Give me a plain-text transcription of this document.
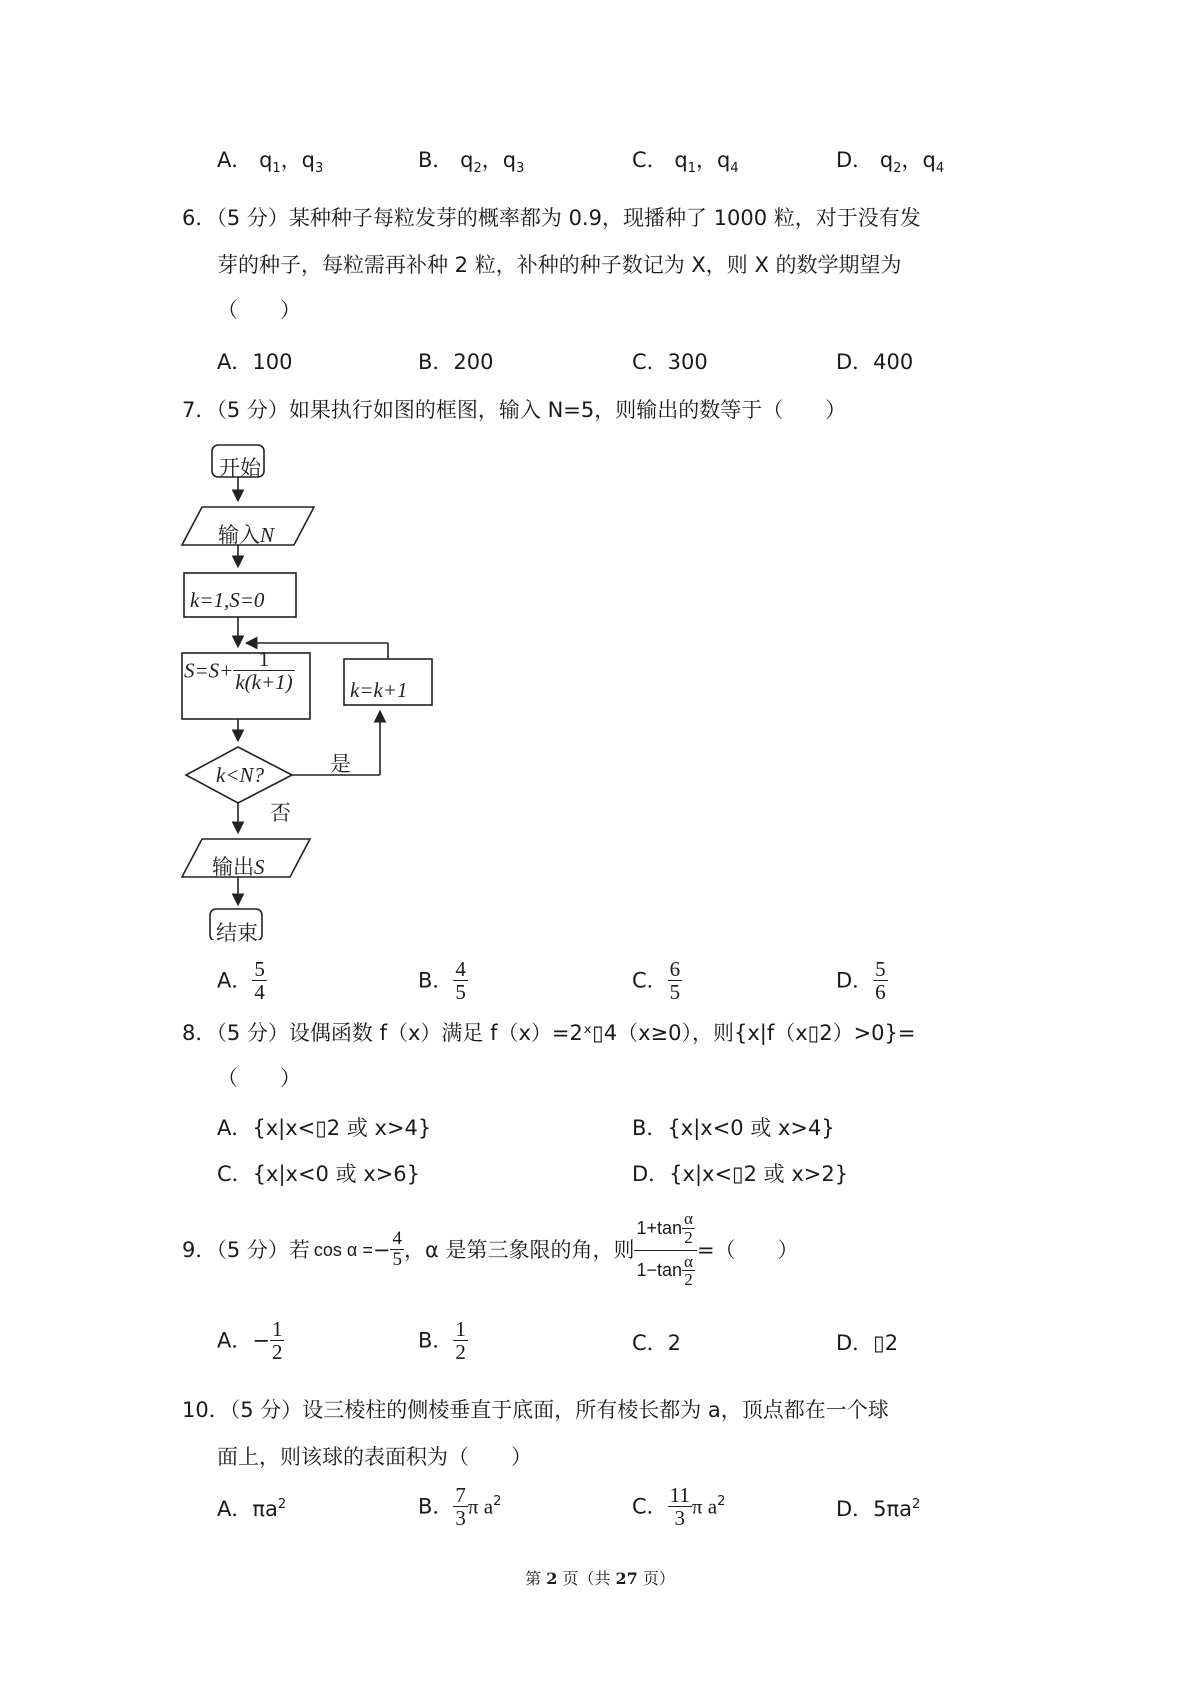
A． $q_1$，$q_3$	B． $q_2$，$q_3$	C． $q_1$，$q_4$	D． $q_2$，$q_4$
6．（5 分）某种种子每粒发芽的概率都为 0.9，现播种了 1000 粒，对于没有发
芽的种子，每粒需再补种 2 粒，补种的种子数记为 X，则 X 的数学期望为
（　　）
A．100	B．200	C．300	D．400
7．（5 分）如果执行如图的框图，输入 N=5，则输出的数等于（　　）
开始
输入N
k=1,S=0
$S=S+ \frac{1}{k(k+1)}$	k=k+1
k<N?	是
否
输出S
结束
A． $\frac{5}{4}$	B． $\frac{4}{5}$	C． $\frac{6}{5}$	D． $\frac{5}{6}$
8．（5 分）设偶函数 f（x）满足 f（x）=2ˣ▯4（x≥0），则{x|f（x▯2）>0}=
（　　）
A．{x|x<▯2 或 x>4}	B．{x|x<0 或 x>4}
C．{x|x<0 或 x>6}	D．{x|x<▯2 或 x>2}
9．（5 分）若 cos α = − $\frac{4}{5}$ ，α 是第三象限的角，则 $\frac{1+\tan \frac{\alpha}{2}}{1-\tan \frac{\alpha}{2}}$ =（　　）
A．− $\frac{1}{2}$	B． $\frac{1}{2}$	C．2	D．▯2
10．（5 分）设三棱柱的侧棱垂直于底面，所有棱长都为 a，顶点都在一个球
面上，则该球的表面积为（　　）
A．$\pi a^2$	B． $\frac{7}{3}$ π $a^2$	C． $\frac{11}{3}$ π $a^2$	D．$5\pi a^2$
第 2 页（共 27 页）
